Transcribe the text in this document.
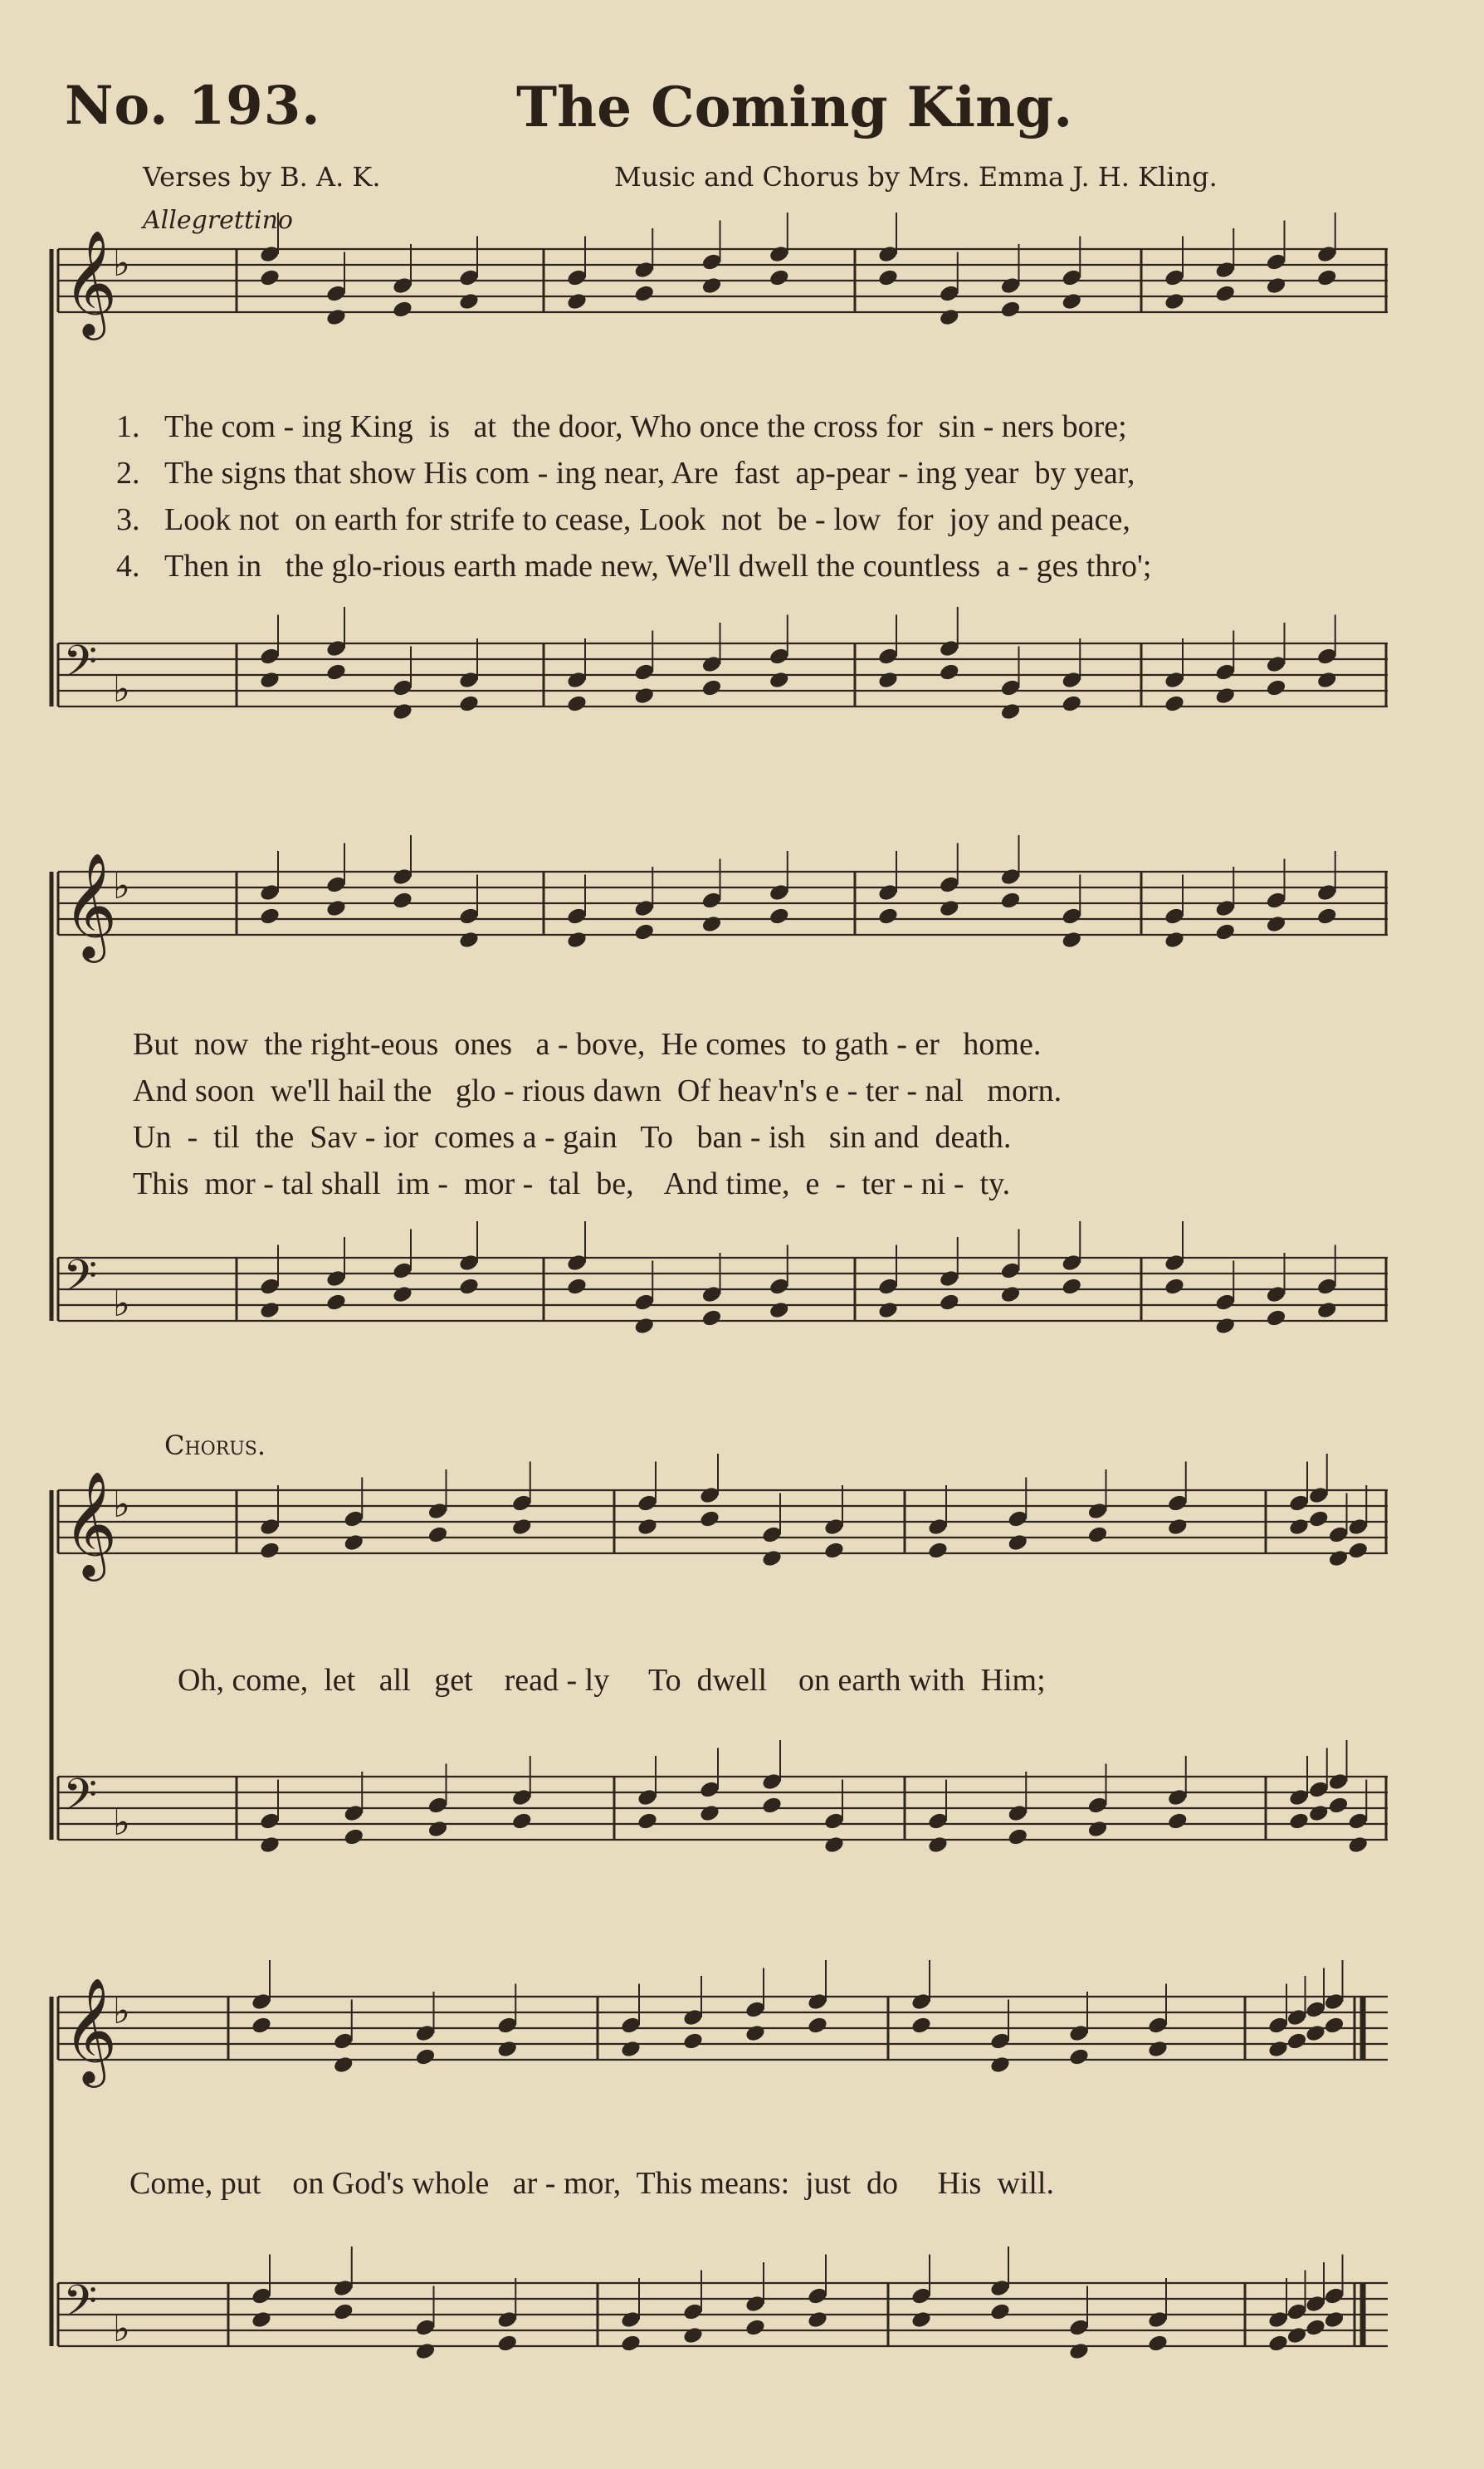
No. 193.	The Coming King.
Verses by B. A. K.	Music and Chorus by Mrs. Emma J. H. Kling.
Allegrettino
𝄞
♭
𝄢 ♭
𝄞
♭
𝄢 ♭
𝄞
♭
𝄢 ♭
𝄞
♭
𝄢 ♭
1. The com - ing King  is   at  the door, Who once the cross for  sin - ners bore;
2. The signs that show His com - ing near, Are  fast  ap-pear - ing year  by year,
3. Look not  on earth for strife to cease, Look  not  be - low  for  joy and peace,
4. Then in   the glo-rious earth made new, We'll dwell the countless  a - ges thro';
But  now  the right-eous  ones   a - bove,  He comes  to gath - er   home.
And soon  we'll hail the   glo - rious dawn  Of heav'n's e - ter - nal   morn.
Un  -  til  the  Sav - ior  comes a - gain   To   ban - ish   sin and  death.
This  mor - tal shall  im -  mor -  tal  be,    And time,  e  -  ter - ni -  ty.
Chorus.
Oh, come,  let   all   get    read - ly     To  dwell    on earth with  Him;
Come, put    on God's whole   ar - mor,  This means:  just  do     His  will.
